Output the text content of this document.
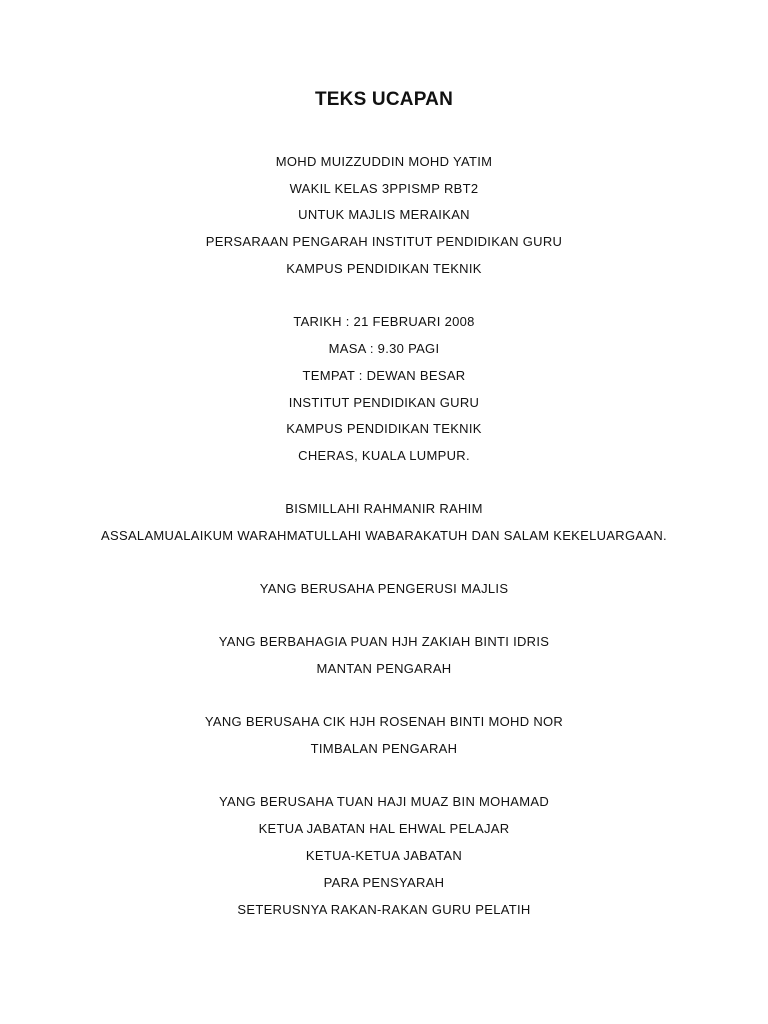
TEKS UCAPAN
MOHD MUIZZUDDIN MOHD YATIM
WAKIL KELAS 3PPISMP RBT2
UNTUK MAJLIS MERAIKAN
PERSARAAN PENGARAH INSTITUT PENDIDIKAN GURU
KAMPUS PENDIDIKAN TEKNIK
TARIKH : 21 FEBRUARI 2008
MASA : 9.30 PAGI
TEMPAT : DEWAN BESAR
INSTITUT PENDIDIKAN GURU
KAMPUS PENDIDIKAN TEKNIK
CHERAS, KUALA LUMPUR.
BISMILLAHI RAHMANIR RAHIM
ASSALAMUALAIKUM WARAHMATULLAHI WABARAKATUH DAN SALAM KEKELUARGAAN.
YANG BERUSAHA PENGERUSI MAJLIS
YANG BERBAHAGIA PUAN HJH ZAKIAH BINTI IDRIS
MANTAN PENGARAH
YANG BERUSAHA CIK HJH ROSENAH BINTI MOHD NOR
TIMBALAN PENGARAH
YANG BERUSAHA TUAN HAJI MUAZ BIN MOHAMAD
KETUA JABATAN HAL EHWAL PELAJAR
KETUA-KETUA JABATAN
PARA PENSYARAH
SETERUSNYA RAKAN-RAKAN GURU PELATIH
